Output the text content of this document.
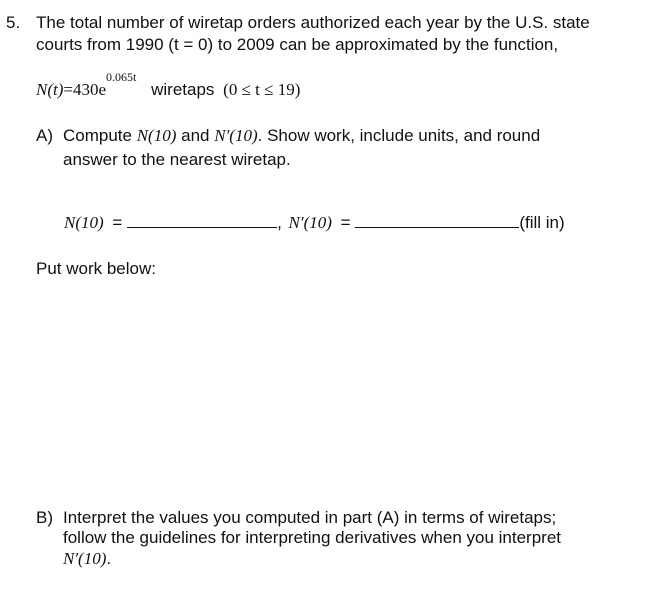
5. The total number of wiretap orders authorized each year by the U.S. state
courts from 1990 (t = 0) to 2009 can be approximated by the function,
$N(t)=430e^{0.065t}$ wiretaps (0 ≤ t ≤ 19)
A) Compute N(10) and N′(10). Show work, include units, and round
answer to the nearest wiretap.
N(10) =	, N′(10) =	(fill in)
Put work below:
B) Interpret the values you computed in part (A) in terms of wiretaps;
follow the guidelines for interpreting derivatives when you interpret
N′(10).
